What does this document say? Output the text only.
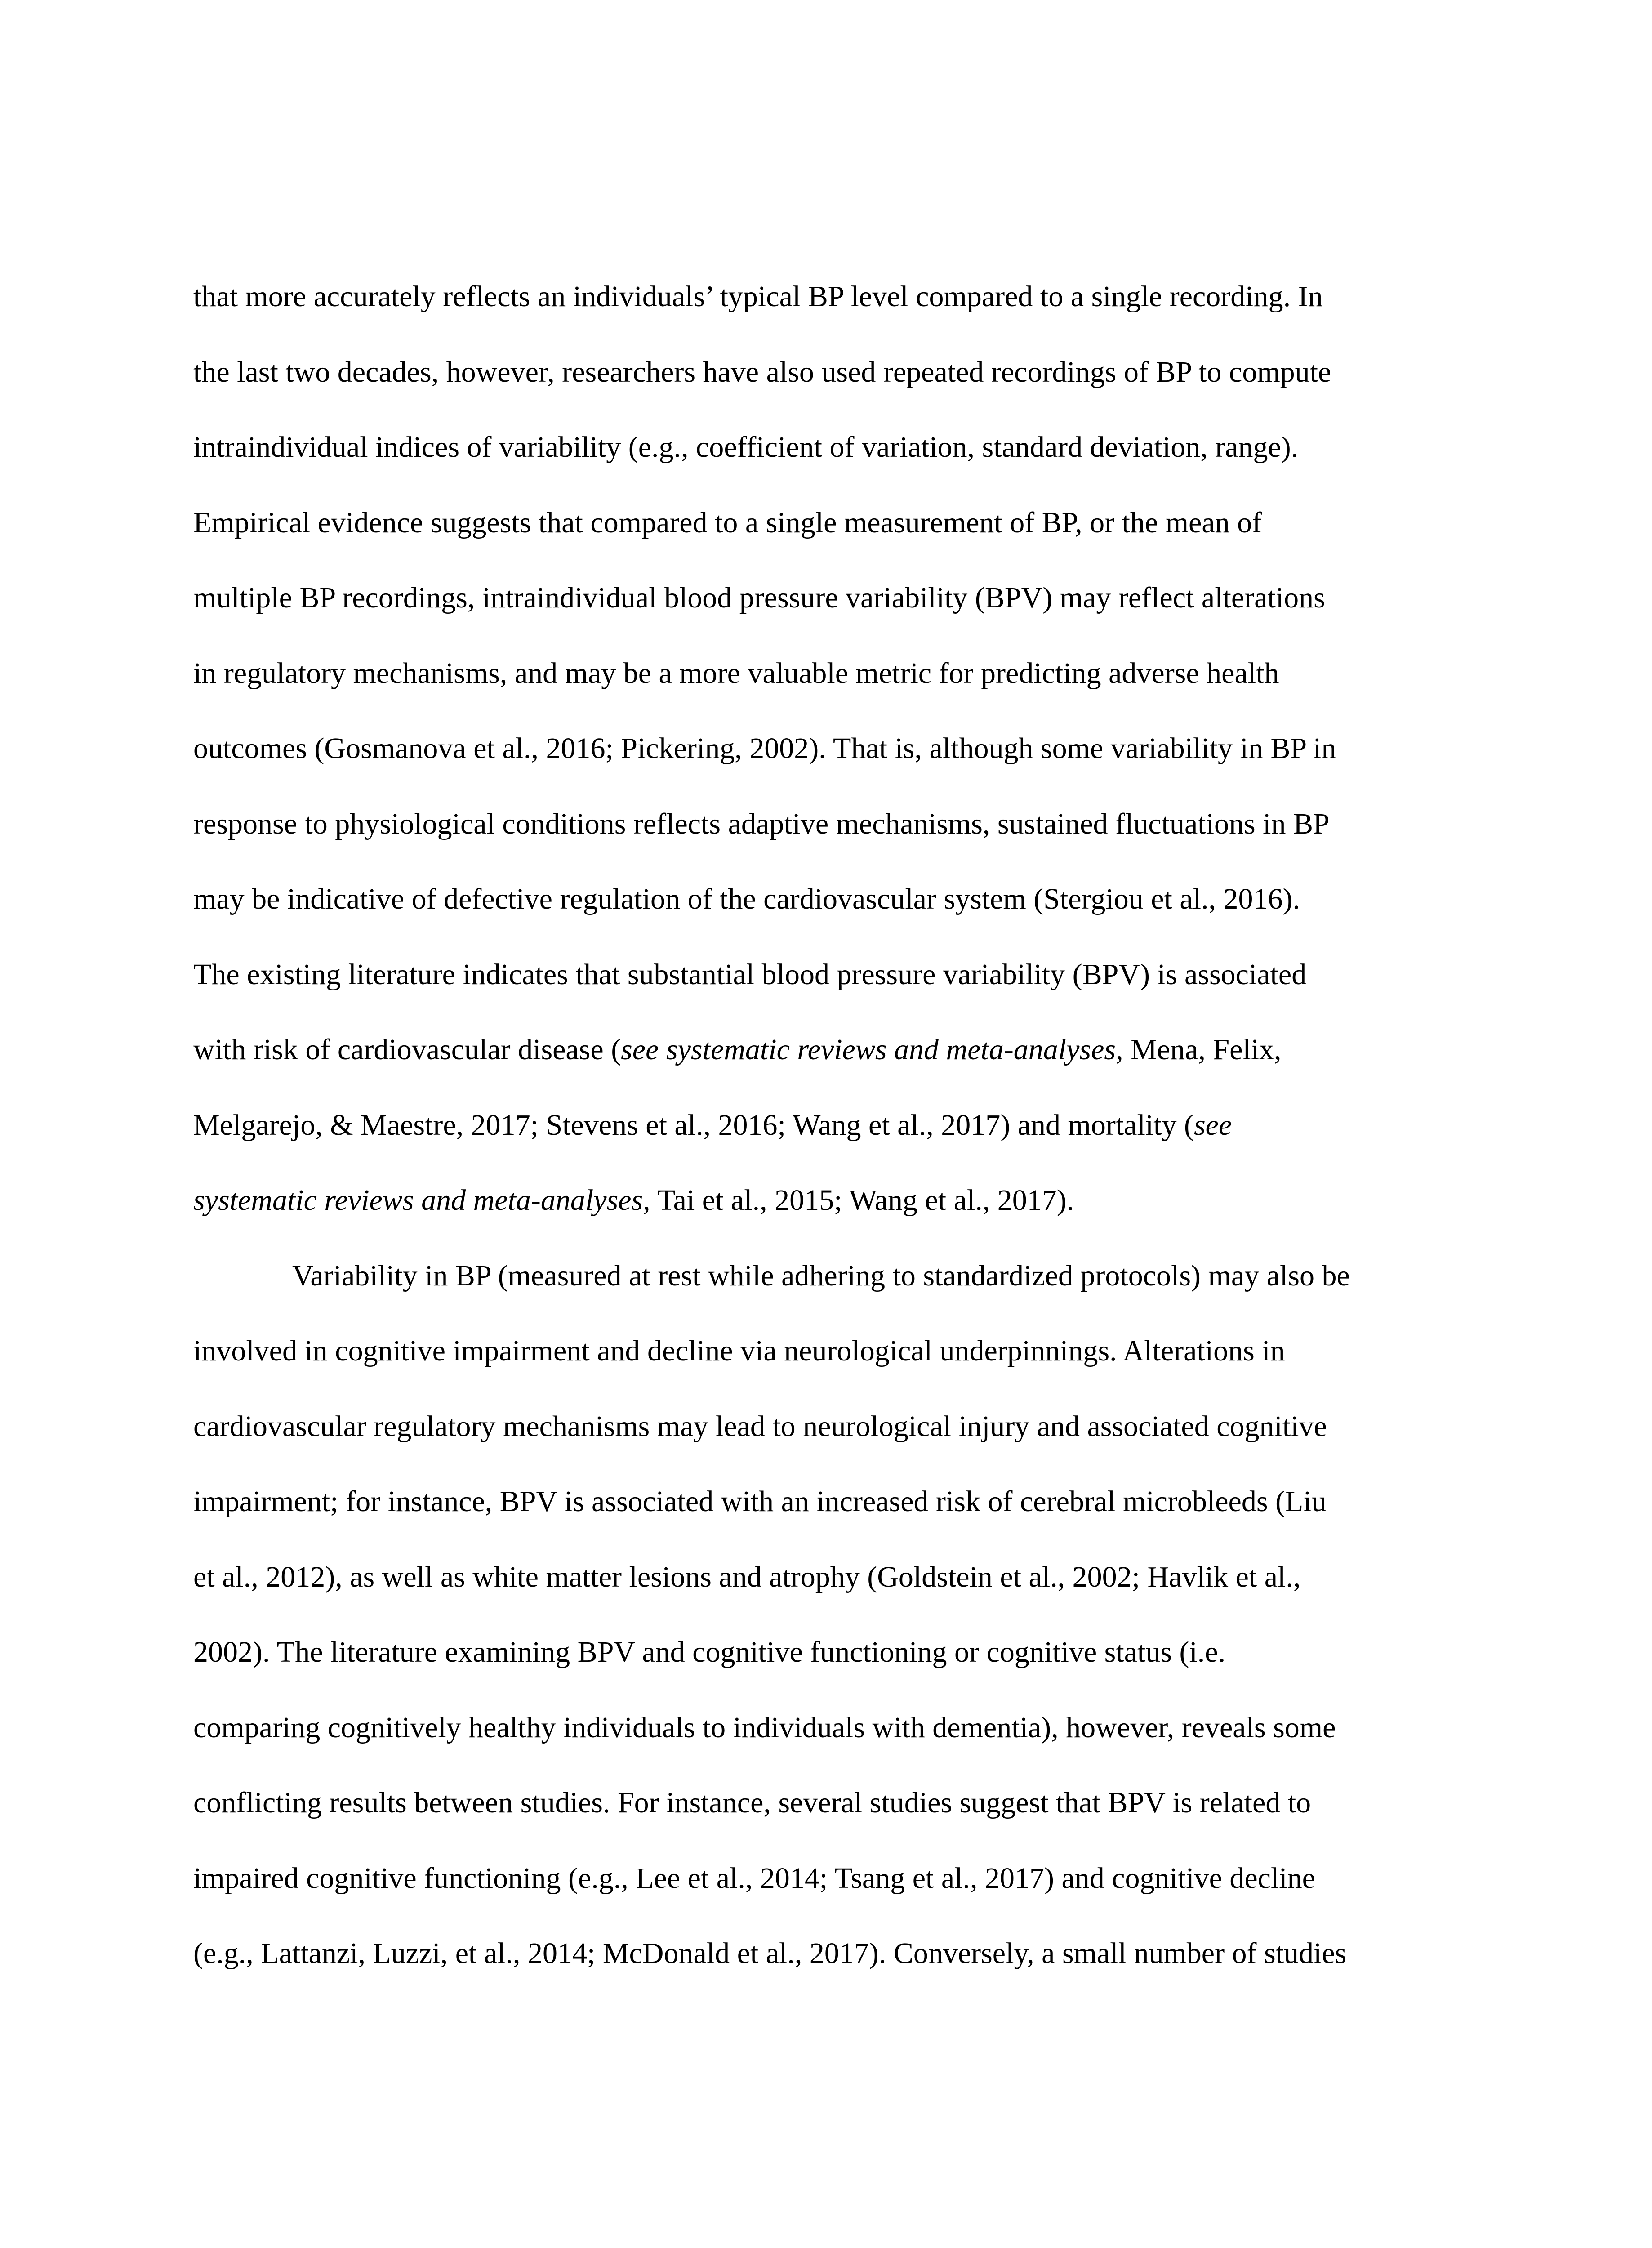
that more accurately reflects an individuals’ typical BP level compared to a single recording. In
the last two decades, however, researchers have also used repeated recordings of BP to compute
intraindividual indices of variability (e.g., coefficient of variation, standard deviation, range).
Empirical evidence suggests that compared to a single measurement of BP, or the mean of
multiple BP recordings, intraindividual blood pressure variability (BPV) may reflect alterations
in regulatory mechanisms, and may be a more valuable metric for predicting adverse health
outcomes (Gosmanova et al., 2016; Pickering, 2002). That is, although some variability in BP in
response to physiological conditions reflects adaptive mechanisms, sustained fluctuations in BP
may be indicative of defective regulation of the cardiovascular system (Stergiou et al., 2016).
The existing literature indicates that substantial blood pressure variability (BPV) is associated
with risk of cardiovascular disease (see systematic reviews and meta-analyses, Mena, Felix,
Melgarejo, & Maestre, 2017; Stevens et al., 2016; Wang et al., 2017) and mortality (see
systematic reviews and meta-analyses, Tai et al., 2015; Wang et al., 2017).
Variability in BP (measured at rest while adhering to standardized protocols) may also be
involved in cognitive impairment and decline via neurological underpinnings. Alterations in
cardiovascular regulatory mechanisms may lead to neurological injury and associated cognitive
impairment; for instance, BPV is associated with an increased risk of cerebral microbleeds (Liu
et al., 2012), as well as white matter lesions and atrophy (Goldstein et al., 2002; Havlik et al.,
2002). The literature examining BPV and cognitive functioning or cognitive status (i.e.
comparing cognitively healthy individuals to individuals with dementia), however, reveals some
conflicting results between studies. For instance, several studies suggest that BPV is related to
impaired cognitive functioning (e.g., Lee et al., 2014; Tsang et al., 2017) and cognitive decline
(e.g., Lattanzi, Luzzi, et al., 2014; McDonald et al., 2017). Conversely, a small number of studies
